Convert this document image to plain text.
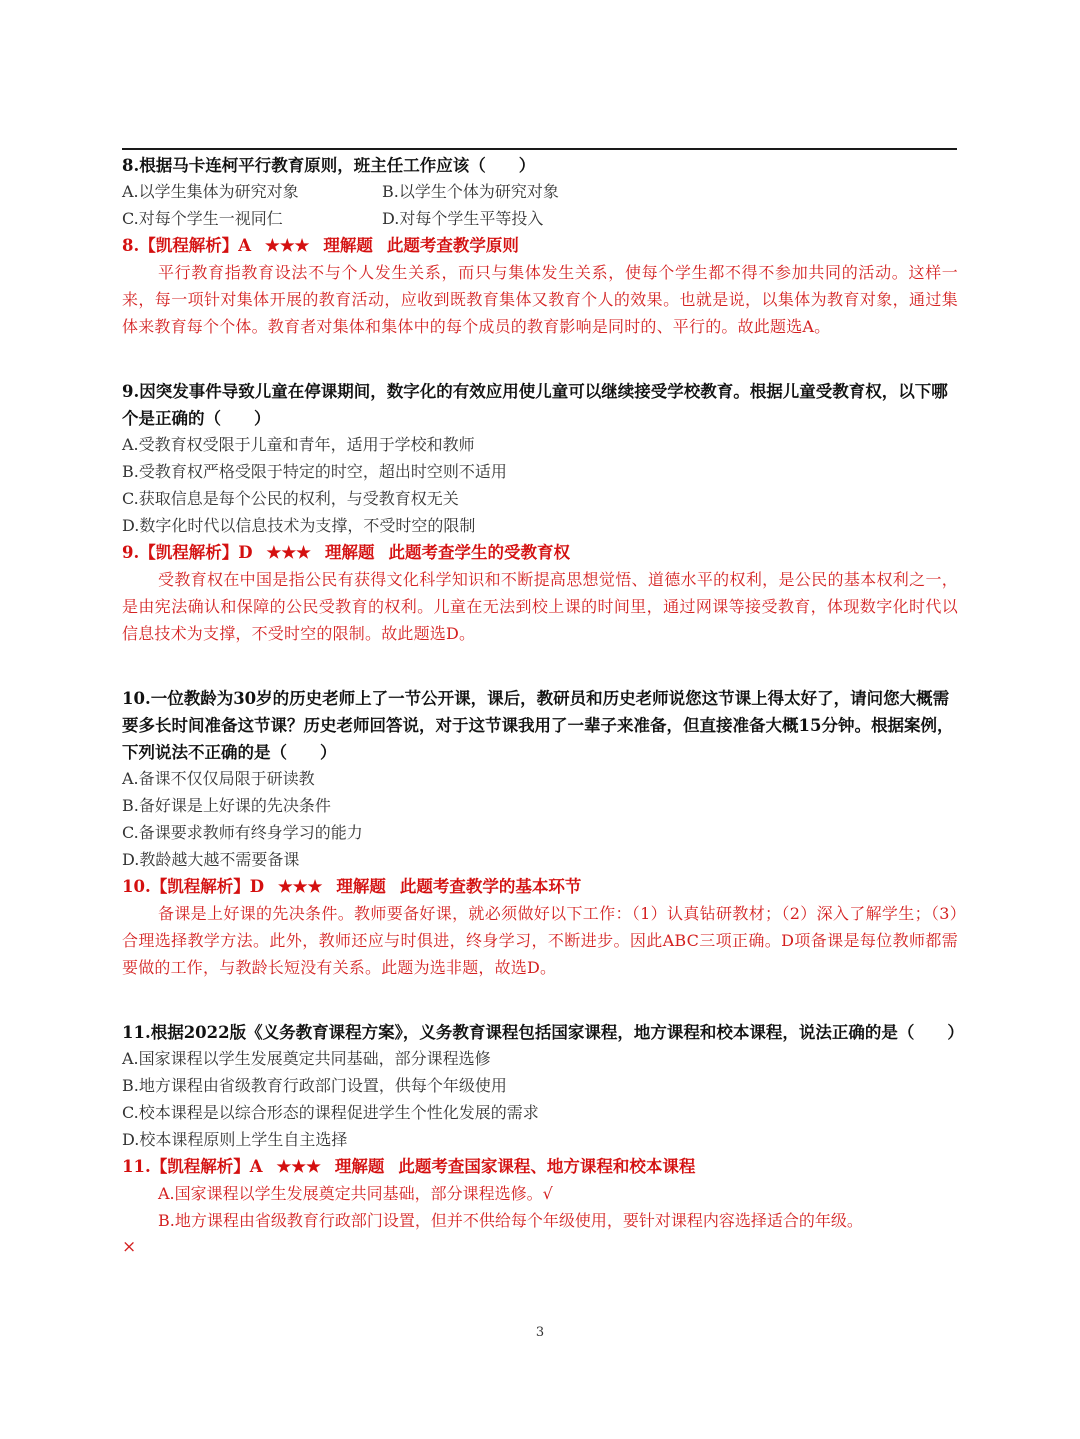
8.根据马卡连柯平行教育原则，班主任工作应该（　　）
A.以学生集体为研究对象	B.以学生个体为研究对象
C.对每个学生一视同仁	D.对每个学生平等投入
8.【凯程解析】A ★★★ 理解题 此题考查教学原则
平行教育指教育设法不与个人发生关系，而只与集体发生关系，使每个学生都不得不参加共同的活动。这样一来，每一项针对集体开展的教育活动，应收到既教育集体又教育个人的效果。也就是说，以集体为教育对象，通过集体来教育每个个体。教育者对集体和集体中的每个成员的教育影响是同时的、平行的。故此题选A。
9.因突发事件导致儿童在停课期间，数字化的有效应用使儿童可以继续接受学校教育。根据儿童受教育权，以下哪个是正确的（　　）
A.受教育权受限于儿童和青年，适用于学校和教师
B.受教育权严格受限于特定的时空，超出时空则不适用
C.获取信息是每个公民的权利，与受教育权无关
D.数字化时代以信息技术为支撑，不受时空的限制
9.【凯程解析】D ★★★ 理解题 此题考查学生的受教育权
受教育权在中国是指公民有获得文化科学知识和不断提高思想觉悟、道德水平的权利，是公民的基本权利之一，是由宪法确认和保障的公民受教育的权利。儿童在无法到校上课的时间里，通过网课等接受教育，体现数字化时代以信息技术为支撑，不受时空的限制。故此题选D。
10.一位教龄为30岁的历史老师上了一节公开课，课后，教研员和历史老师说您这节课上得太好了，请问您大概需要多长时间准备这节课？历史老师回答说，对于这节课我用了一辈子来准备，但直接准备大概15分钟。根据案例，下列说法不正确的是（　　）
A.备课不仅仅局限于研读教
B.备好课是上好课的先决条件
C.备课要求教师有终身学习的能力
D.教龄越大越不需要备课
10.【凯程解析】D ★★★ 理解题 此题考查教学的基本环节
备课是上好课的先决条件。教师要备好课，就必须做好以下工作：（1）认真钻研教材；（2）深入了解学生；（3）合理选择教学方法。此外，教师还应与时俱进，终身学习，不断进步。因此ABC三项正确。D项备课是每位教师都需要做的工作，与教龄长短没有关系。此题为选非题，故选D。
11.根据2022版《义务教育课程方案》，义务教育课程包括国家课程，地方课程和校本课程，说法正确的是（　　）
A.国家课程以学生发展奠定共同基础，部分课程选修
B.地方课程由省级教育行政部门设置，供每个年级使用
C.校本课程是以综合形态的课程促进学生个性化发展的需求
D.校本课程原则上学生自主选择
11.【凯程解析】A ★★★ 理解题 此题考查国家课程、地方课程和校本课程
A.国家课程以学生发展奠定共同基础，部分课程选修。√
B.地方课程由省级教育行政部门设置，但并不供给每个年级使用，要针对课程内容选择适合的年级。
×
3
